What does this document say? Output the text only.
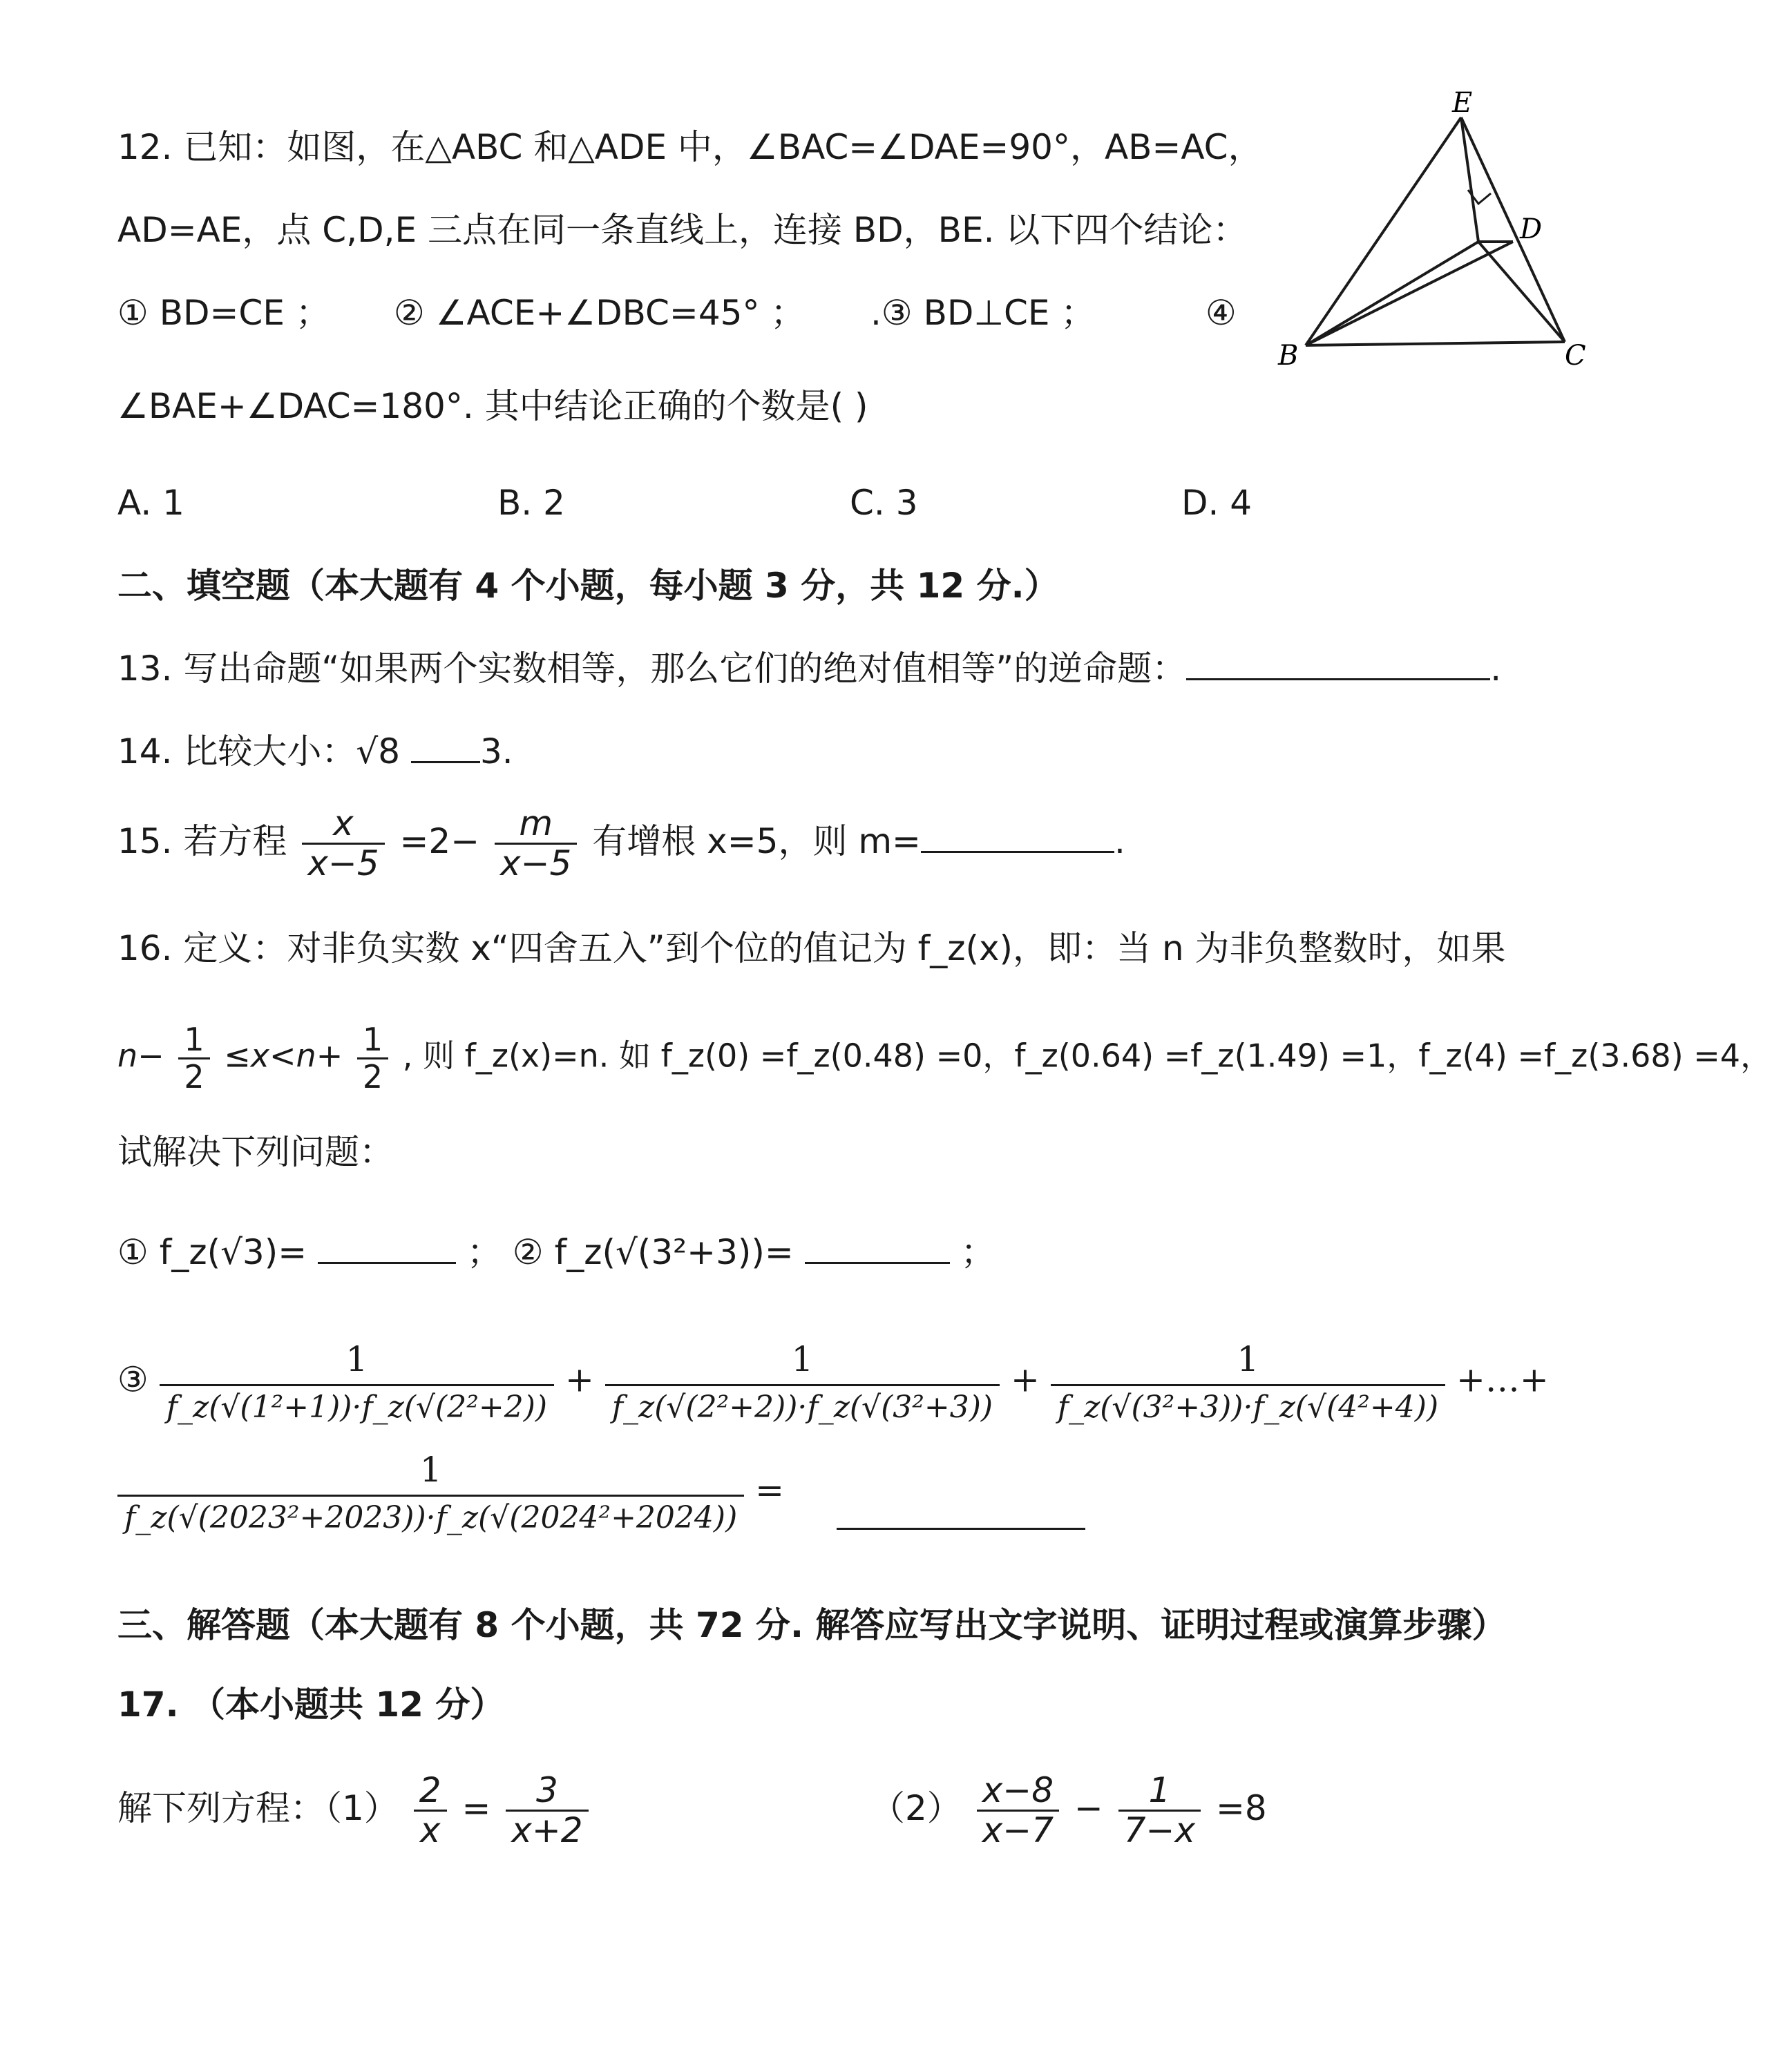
12. 已知：如图，在△ABC 和△ADE 中，∠BAC=∠DAE=90°，AB=AC，
AD=AE，点 C,D,E 三点在同一条直线上，连接 BD，BE. 以下四个结论：
① BD=CE ； ② ∠ACE+∠DBC=45° ； .③ BD⊥CE ；	④
∠BAE+∠DAC=180°. 其中结论正确的个数是( )
A. 1	B. 2	C. 3	D. 4
E
D
B	C
二、填空题（本大题有 4 个小题，每小题 3 分，共 12 分.）
13. 写出命题“如果两个实数相等，那么它们的绝对值相等”的逆命题：	.
14. 比较大小：√8 3.
15. 若方程 $\frac{x}{x-5} =2- \frac{m}{x-5}$ 有增根 x=5，则 m=	.
16. 定义：对非负实数 x“四舍五入”到个位的值记为 f_z(x)，即：当 n 为非负整数时，如果
$n- \frac{1}{2} \le x<n+ \frac{1}{2}$ , 则 f_z(x)=n. 如 f_z(0) =f_z(0.48) =0，f_z(0.64) =f_z(1.49) =1，f_z(4) =f_z(3.68) =4，
试解决下列问题：
① f_z(√3)=	； ② f_z(√(3²+3))=	；
③ $\frac{1}{\text{f\_z(√(1²+1))·f\_z(√(2²+2))}} + \frac{1}{\text{f\_z(√(2²+2))·f\_z(√(3²+3))}} + \frac{1}{\text{f\_z(√(3²+3))·f\_z(√(4²+4))}}$ +…+
$\frac{1}{\text{f\_z(√(2023²+2023))·f\_z(√(2024²+2024))}}$ =
三、解答题（本大题有 8 个小题，共 72 分. 解答应写出文字说明、证明过程或演算步骤）
17. （本小题共 12 分）
解下列方程：$(1) \frac{2}{x} = \frac{3}{x+2}$	$(2) \frac{x-8}{x-7} - \frac{1}{7-x} =8$
